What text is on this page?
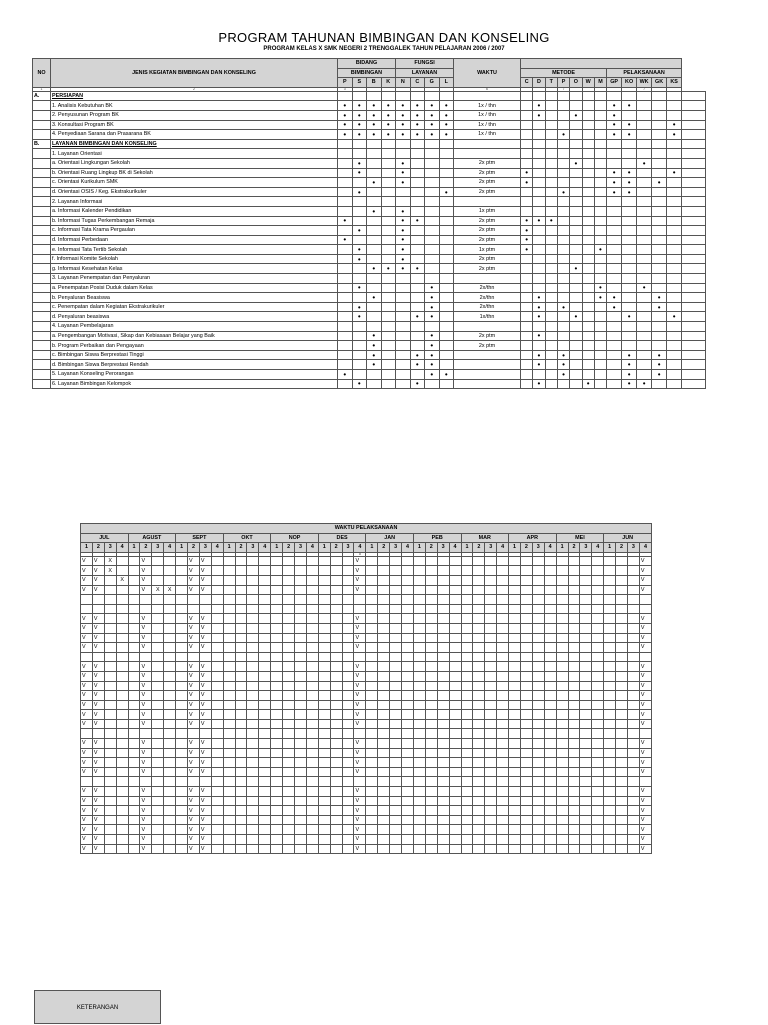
PROGRAM TAHUNAN BIMBINGAN DAN KONSELING
PROGRAM KELAS X SMK NEGERI 2 TRENGGALEK TAHUN PELAJARAN 2006 / 2007
NO	JENIS KEGIATAN BIMBINGAN DAN KONSELING	BIDANG				FUNGSI				WAKTU													
		BIMBINGAN				LAYANAN					METODE							PELAKSANAAN					
		P	S	B	K	N	C	G	L		C	D	T	P	O	W	M	GP	KO	WK	GK	KS	
1	2	3								6				7						7			
A.	PERSIAPAN																						
	1. Analisis Kebutuhan BK	•	•	•	•	•	•	•	•	1x / thn		•						•	•				
	2. Penyusunan Program BK	•	•	•	•	•	•	•	•	1x / thn		•			•			•					
	3. Konsultasi Program BK	•	•	•	•	•	•	•	•	1x / thn								•	•			•	
	4. Penyediaan Sarana dan Prasarana BK	•	•	•	•	•	•	•	•	1x / thn				•				•	•			•	
B.	LAYANAN BIMBINGAN DAN KONSELING																						
	1. Layanan Orientasi																						
	a. Orientasi Lingkungan Sekolah		•			•				2x ptm					•					•			
	b. Orientasi Ruang Lingkup BK di Sekolah		•			•				2x ptm	•							•	•			•	
	c. Orientasi Kurikulum SMK			•		•				2x ptm	•							•	•		•		
	d. Orientasi OSIS / Keg. Ekstrakurikuler		•						•	2x ptm				•				•	•				
	2. Layanan Informasi																						
	a. Informasi Kalender Pendidikan			•		•				1x ptm													
	b. Informasi Tugas Perkembangan Remaja	•				•	•			2x ptm	•	•	•										
	c. Informasi Tata Krama Pergaulan		•			•				2x ptm	•												
	d. Informasi Perbedaan	•				•				2x ptm	•												
	e. Informasi Tata Tertib Sekolah		•			•				1x ptm	•						•						
	f. Informasi Komite Sekolah		•			•				2x ptm													
	g. Informasi Kesehatan Kelas			•	•	•	•			2x ptm					•								
	3. Layanan Penempatan dan Penyaluran																						
	a. Penempatan Posisi Duduk dalam Kelas		•					•		2x/thn							•			•			
	b. Penyaluran Beasiswa			•				•		2x/thn		•					•	•			•		
	c. Penempatan dalam Kegiatan Ekstrakurikuler		•					•		2x/thn		•		•				•			•		
	d. Penyaluran beasiswa		•				•	•		1x/thn		•			•				•			•	
	4. Layanan Pembelajaran																						
	a. Pengembangan Motivasi, Sikap dan Kebiasaan Belajar yang Baik			•				•		2x ptm		•											
	b. Program Perbaikan dan Pengayaan			•				•		2x ptm													
	c. Bimbingan Siswa Berprestasi Tinggi			•			•	•				•		•					•		•		
	d. Bimbingan Siswa Berprestasi Rendah			•			•	•				•		•					•		•		
	5. Layanan Konseling Perorangan	•						•	•					•					•		•		
	6. Layanan Bimbingan Kelompok		•				•					•				•			•	•			
WAKTU PELAKSANAAN																																															
JUL				AGUST				SEPT				OKT				NOP				DES				JAN				PEB				MAR				APR				MEI				JUN			
1	2	3	4	1	2	3	4	1	2	3	4	1	2	3	4	1	2	3	4	1	2	3	4	1	2	3	4	1	2	3	4	1	2	3	4	1	2	3	4	1	2	3	4	1	2	3	4
																							8																								
V	V	X			V				V	V													V																								V
V	V	X			V				V	V													V																								V
V	V		X		V				V	V													V																								V
V	V				V	X	X		V	V													V																								V

V	V				V				V	V													V																								V
V	V				V				V	V													V																								V
V	V				V				V	V													V																								V
V	V				V				V	V													V																								V

V	V				V				V	V													V																								V
V	V				V				V	V													V																								V
V	V				V				V	V													V																								V
V	V				V				V	V													V																								V
V	V				V				V	V													V																								V
V	V				V				V	V													V																								V
V	V				V				V	V													V																								V

V	V				V				V	V													V																								V
V	V				V				V	V													V																								V
V	V				V				V	V													V																								V
V	V				V				V	V													V																								V

V	V				V				V	V													V																								V
V	V				V				V	V													V																								V
V	V				V				V	V													V																								V
V	V				V				V	V													V																								V
V	V				V				V	V													V																								V
V	V				V				V	V													V																								V
V	V				V				V	V													V																								V
KETERANGAN
